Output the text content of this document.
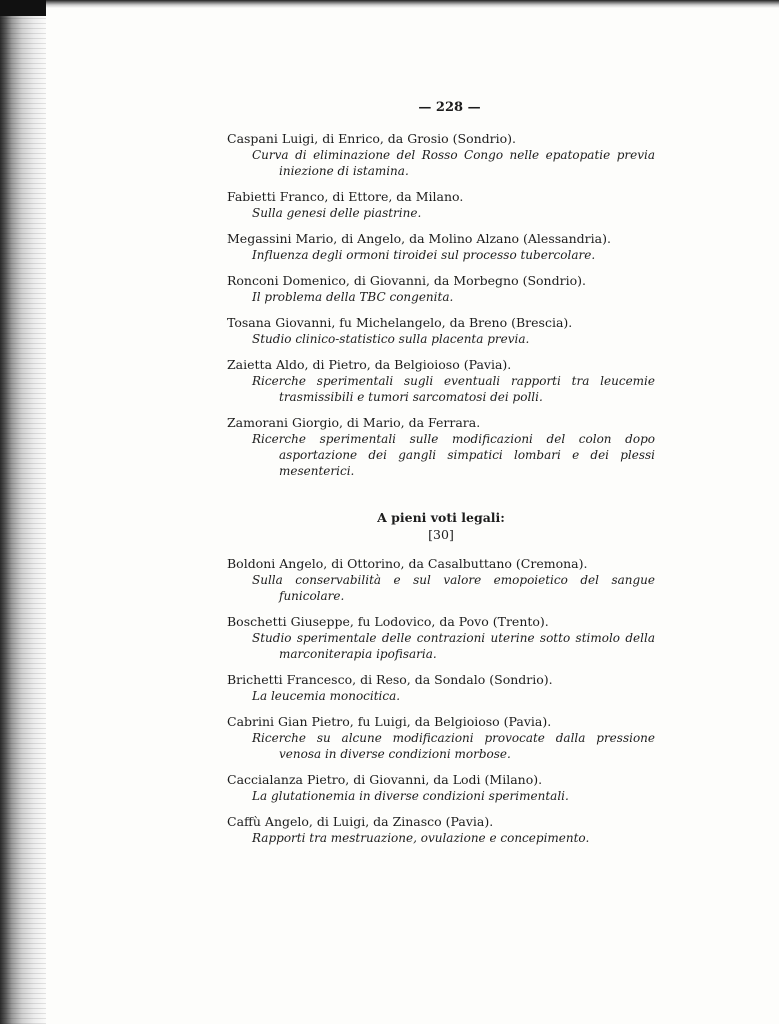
— 228 —
Caspani Luigi, di Enrico, da Grosio (Sondrio).
Curva di eliminazione del Rosso Congo nelle epatopatie previa iniezione di istamina.
Fabietti Franco, di Ettore, da Milano.
Sulla genesi delle piastrine.
Megassini Mario, di Angelo, da Molino Alzano (Alessandria).
Influenza degli ormoni tiroidei sul processo tubercolare.
Ronconi Domenico, di Giovanni, da Morbegno (Sondrio).
Il problema della TBC congenita.
Tosana Giovanni, fu Michelangelo, da Breno (Brescia).
Studio clinico-statistico sulla placenta previa.
Zaietta Aldo, di Pietro, da Belgioioso (Pavia).
Ricerche sperimentali sugli eventuali rapporti tra leucemie trasmissibili e tumori sarcomatosi dei polli.
Zamorani Giorgio, di Mario, da Ferrara.
Ricerche sperimentali sulle modificazioni del colon dopo asportazione dei gangli simpatici lombari e dei plessi mesenterici.
A pieni voti legali:
[30]
Boldoni Angelo, di Ottorino, da Casalbuttano (Cremona).
Sulla conservabilità e sul valore emopoietico del sangue funicolare.
Boschetti Giuseppe, fu Lodovico, da Povo (Trento).
Studio sperimentale delle contrazioni uterine sotto stimolo della marconiterapia ipofisaria.
Brichetti Francesco, di Reso, da Sondalo (Sondrio).
La leucemia monocitica.
Cabrini Gian Pietro, fu Luigi, da Belgioioso (Pavia).
Ricerche su alcune modificazioni provocate dalla pressione venosa in diverse condizioni morbose.
Caccialanza Pietro, di Giovanni, da Lodi (Milano).
La glutationemia in diverse condizioni sperimentali.
Caffù Angelo, di Luigi, da Zinasco (Pavia).
Rapporti tra mestruazione, ovulazione e concepimento.
